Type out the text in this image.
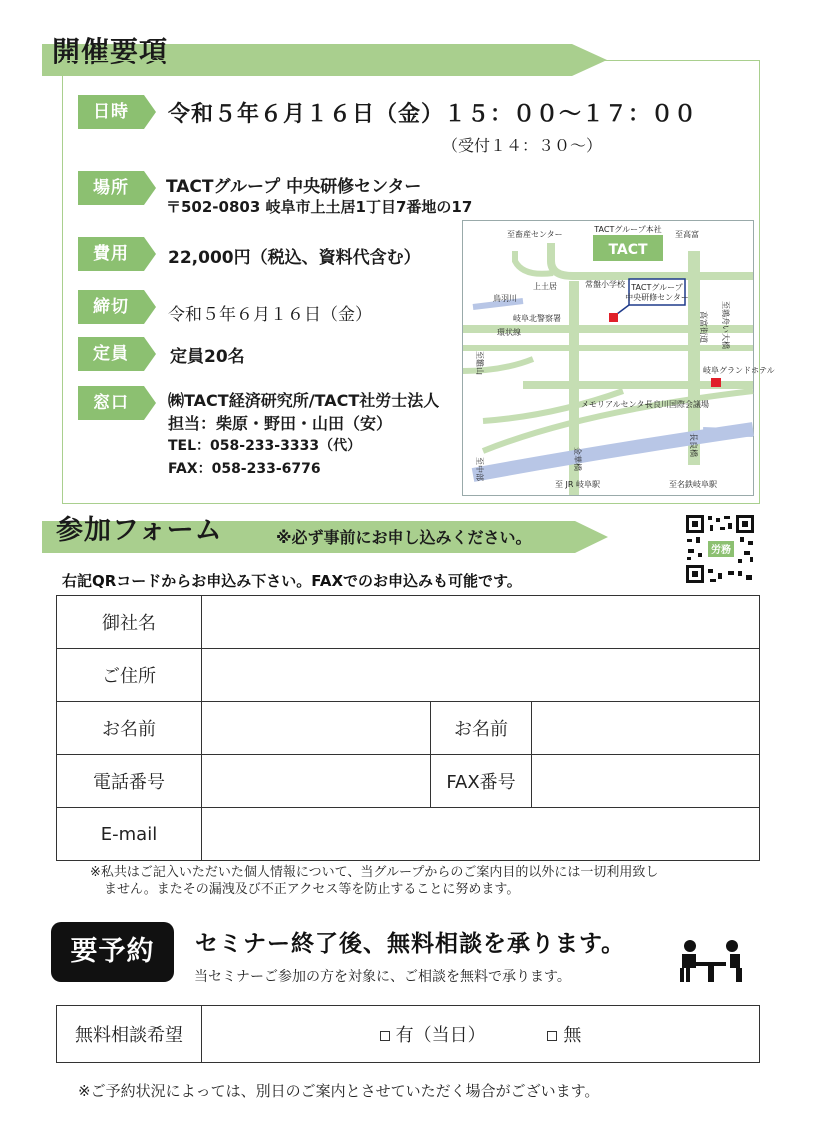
開催要項
日時	令和５年６月１６日（金）１５：００〜１７：００
（受付１４：３０〜）
場所	TACTグループ 中央研修センター
〒502-0803 岐阜市上土居1丁目7番地の17
費用	22,000円（税込、資料代含む）
締切	令和５年６月１６日（金）
定員	定員20名
窓口	㈱TACT経済研究所/TACT社労士法人
担当：柴原・野田・山田（安）
TEL：058-233-3333（代）
FAX：058-233-6776
TACT
TACTグループ本社
TACTグループ
中央研修センター
至畜産センター	至高富
鳥羽川
上土居	常盤小学校
岐阜北警察署
環状線	高富街道 至鶉舟い大橋
至雛山	岐阜グランドホテル
メモリアルセンター
長良川国際会議場
長良橋
金華橋
至中部
至 JR 岐阜駅	至名鉄岐阜駅
参加フォーム	※必ず事前にお申し込みください。
労務
右記QRコードからお申込み下さい。FAXでのお申込みも可能です。
御社名			
ご住所			
お名前		お名前	
電話番号		FAX番号	
E-mail			
※私共はご記入いただいた個人情報について、当グループからのご案内目的以外には一切利用致し
ません。またその漏洩及び不正アクセス等を防止することに努めます。
要予約	セミナー終了後、無料相談を承ります。
当セミナーご参加の方を対象に、ご相談を無料で承ります。
無料相談希望	有（当日）	無
※ご予約状況によっては、別日のご案内とさせていただく場合がございます。
